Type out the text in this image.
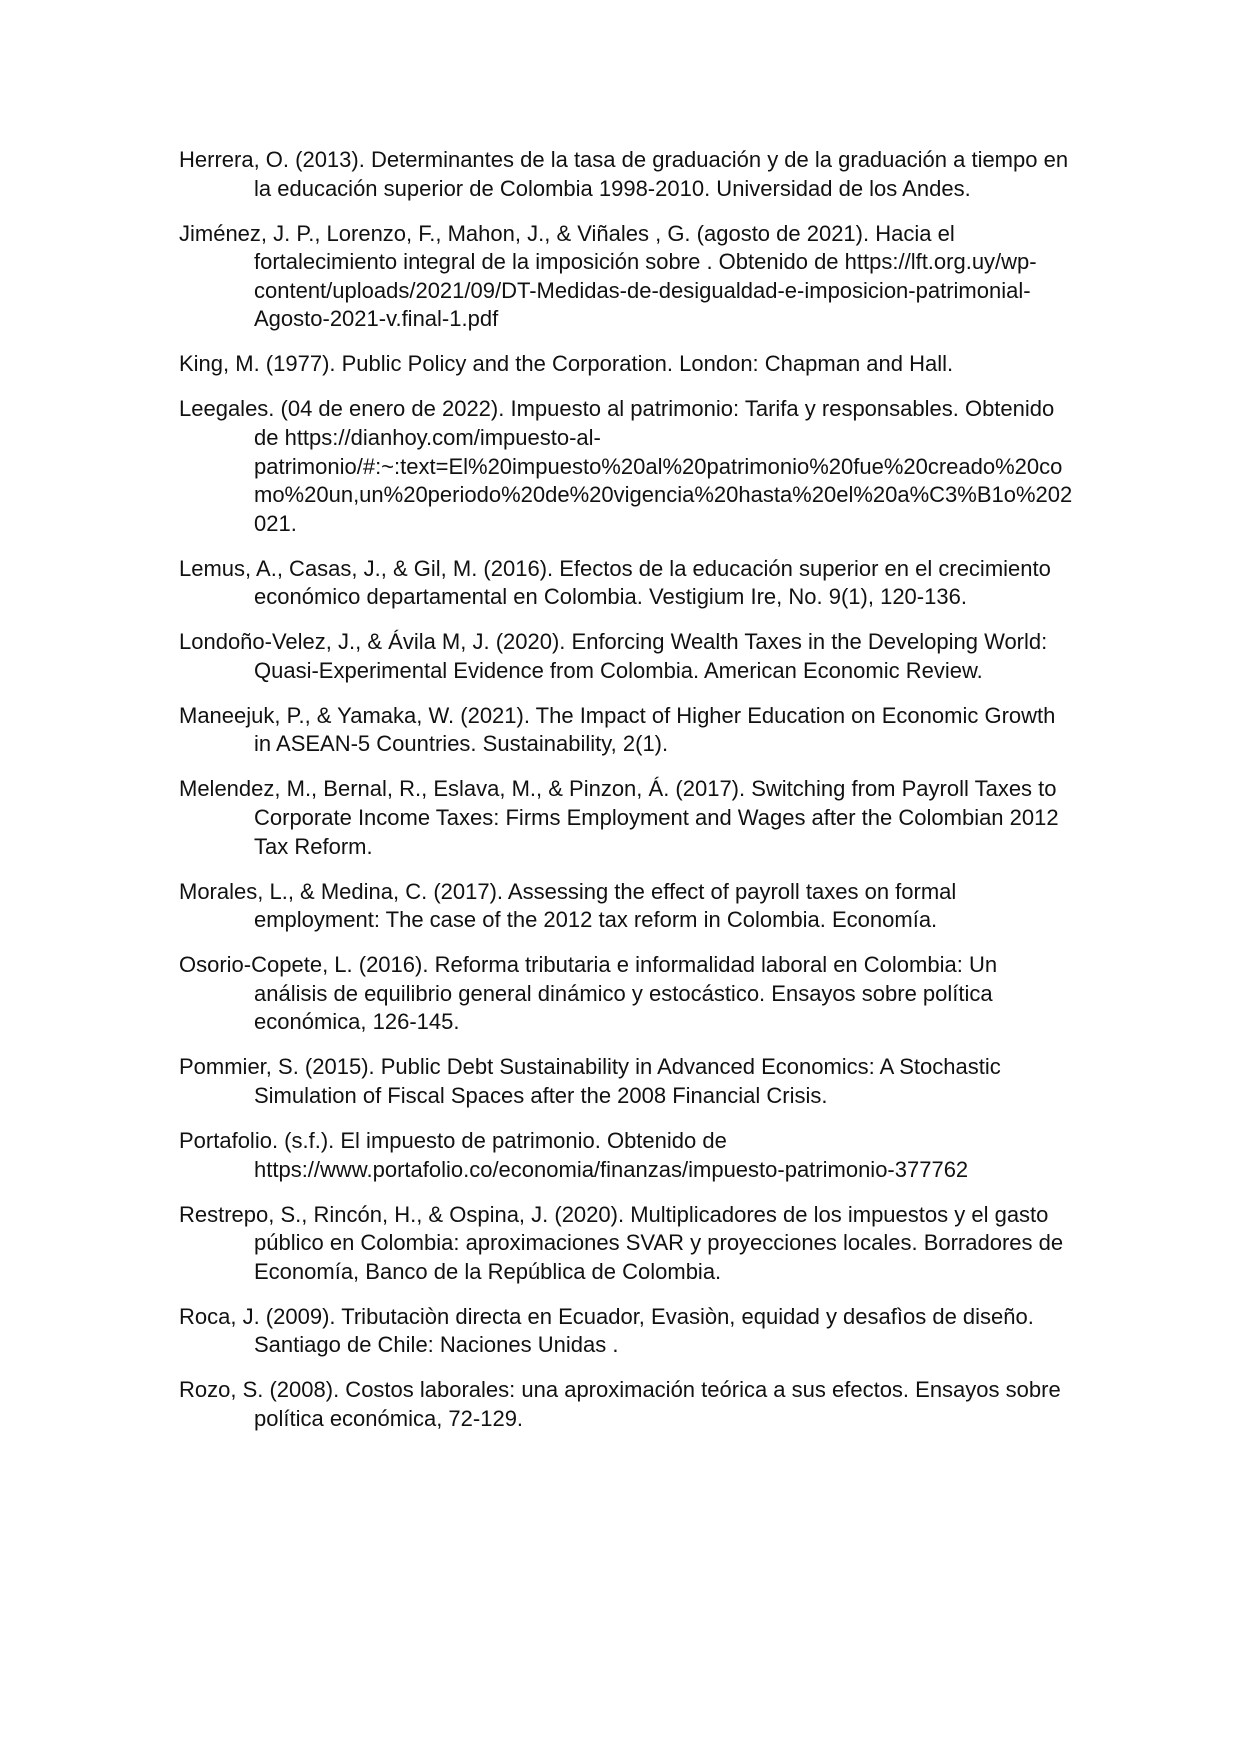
Herrera, O. (2013). Determinantes de la tasa de graduación y de la graduación a tiempo en la educación superior de Colombia 1998-2010. Universidad de los Andes.
Jiménez, J. P., Lorenzo, F., Mahon, J., & Viñales , G. (agosto de 2021). Hacia el fortalecimiento integral de la imposición sobre . Obtenido de https://lft.org.uy/wp-content/uploads/2021/09/DT-Medidas-de-desigualdad-e-imposicion-patrimonial-Agosto-2021-v.final-1.pdf
King, M. (1977). Public Policy and the Corporation. London: Chapman and Hall.
Leegales. (04 de enero de 2022). Impuesto al patrimonio: Tarifa y responsables. Obtenido de https://dianhoy.com/impuesto-al-patrimonio/#:~:text=El%20impuesto%20al%20patrimonio%20fue%20creado%20como%20un,un%20periodo%20de%20vigencia%20hasta%20el%20a%C3%B1o%202021.
Lemus, A., Casas, J., & Gil, M. (2016). Efectos de la educación superior en el crecimiento económico departamental en Colombia. Vestigium Ire, No. 9(1), 120-136.
Londoño-Velez, J., & Ávila M, J. (2020). Enforcing Wealth Taxes in the Developing World: Quasi-Experimental Evidence from Colombia. American Economic Review.
Maneejuk, P., & Yamaka, W. (2021). The Impact of Higher Education on Economic Growth in ASEAN-5 Countries. Sustainability, 2(1).
Melendez, M., Bernal, R., Eslava, M., & Pinzon, Á. (2017). Switching from Payroll Taxes to Corporate Income Taxes: Firms Employment and Wages after the Colombian 2012 Tax Reform.
Morales, L., & Medina, C. (2017). Assessing the effect of payroll taxes on formal employment: The case of the 2012 tax reform in Colombia. Economía.
Osorio-Copete, L. (2016). Reforma tributaria e informalidad laboral en Colombia: Un análisis de equilibrio general dinámico y estocástico. Ensayos sobre política económica, 126-145.
Pommier, S. (2015). Public Debt Sustainability in Advanced Economics: A Stochastic Simulation of Fiscal Spaces after the 2008 Financial Crisis.
Portafolio. (s.f.). El impuesto de patrimonio. Obtenido de https://www.portafolio.co/economia/finanzas/impuesto-patrimonio-377762
Restrepo, S., Rincón, H., & Ospina, J. (2020). Multiplicadores de los impuestos y el gasto público en Colombia: aproximaciones SVAR y proyecciones locales. Borradores de Economía, Banco de la República de Colombia.
Roca, J. (2009). Tributaciòn directa en Ecuador, Evasiòn, equidad y desafìos de diseño. Santiago de Chile: Naciones Unidas .
Rozo, S. (2008). Costos laborales: una aproximación teórica a sus efectos. Ensayos sobre política económica, 72-129.
